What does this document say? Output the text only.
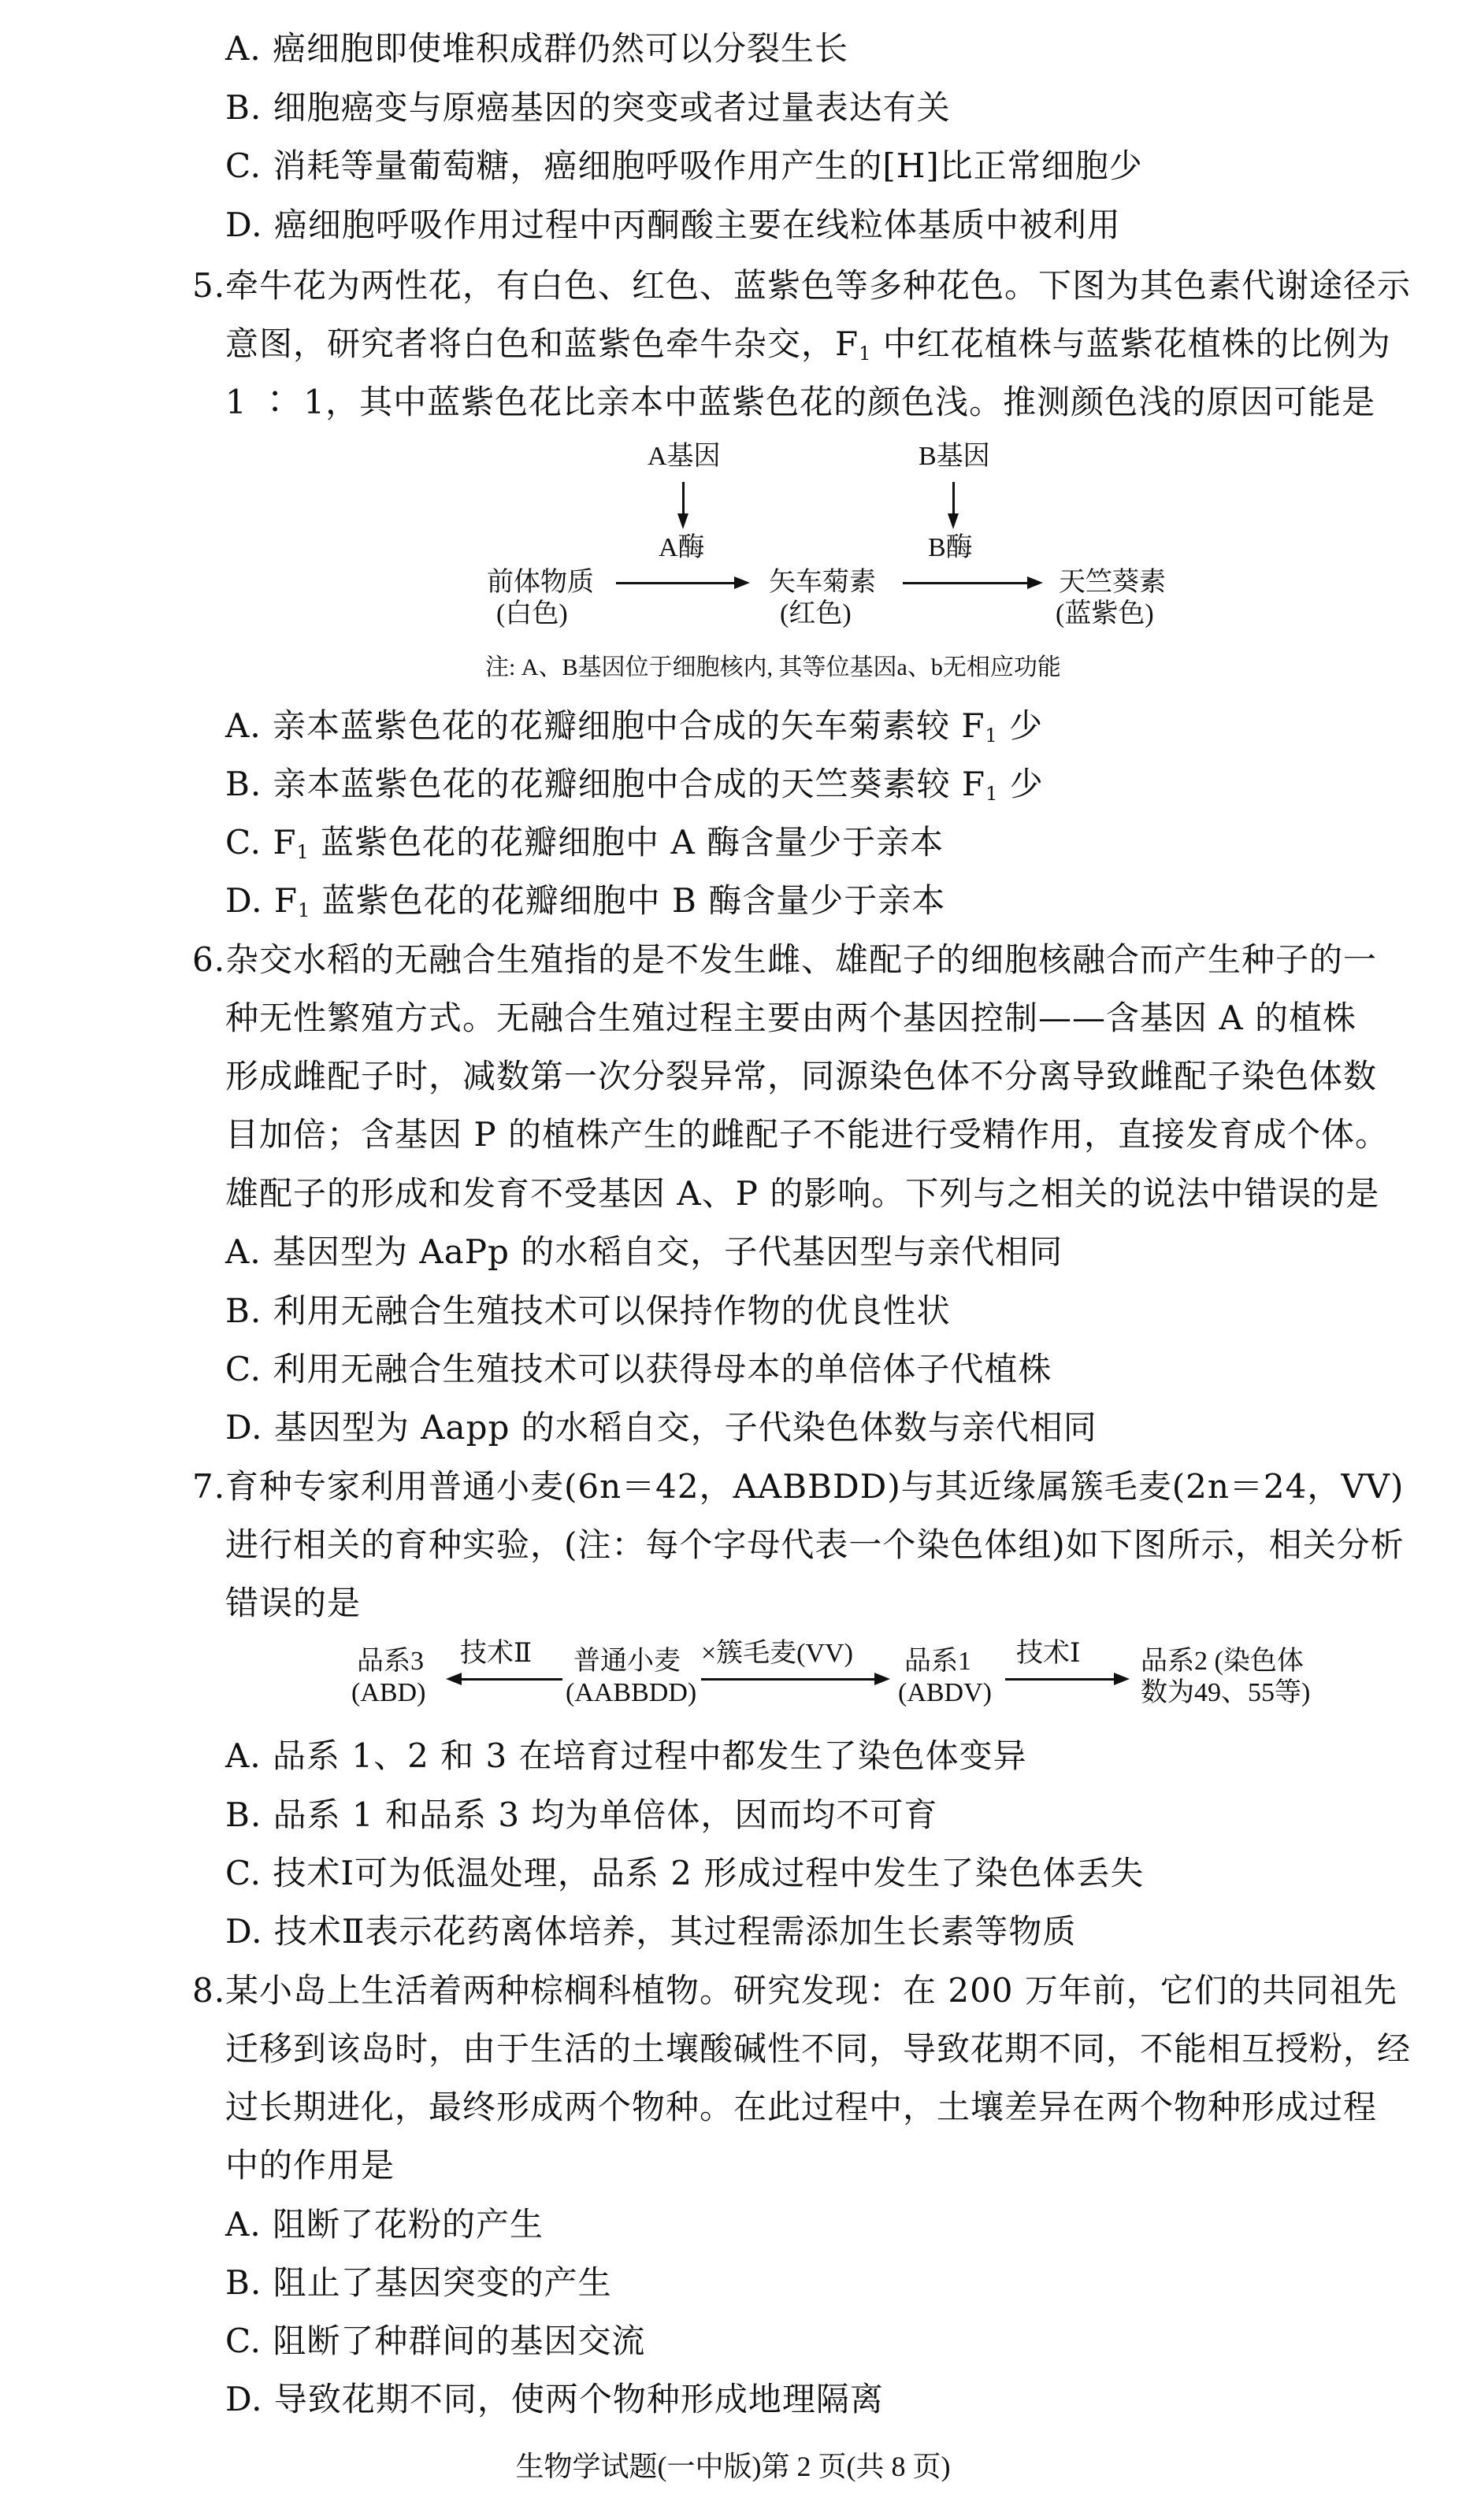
A. 癌细胞即使堆积成群仍然可以分裂生长
B. 细胞癌变与原癌基因的突变或者过量表达有关
C. 消耗等量葡萄糖，癌细胞呼吸作用产生的[H]比正常细胞少
D. 癌细胞呼吸作用过程中丙酮酸主要在线粒体基质中被利用
5. 牵牛花为两性花，有白色、红色、蓝紫色等多种花色。下图为其色素代谢途径示
意图，研究者将白色和蓝紫色牵牛杂交，$F_1$ 中红花植株与蓝紫花植株的比例为
1 ∶ 1，其中蓝紫色花比亲本中蓝紫色花的颜色浅。推测颜色浅的原因可能是
A基因
A酶
B基因
B酶
前体物质
(白色)
矢车菊素
(红色)
天竺葵素
(蓝紫色)
注: A、B基因位于细胞核内, 其等位基因a、b无相应功能
A. 亲本蓝紫色花的花瓣细胞中合成的矢车菊素较 $F_1$ 少
B. 亲本蓝紫色花的花瓣细胞中合成的天竺葵素较 $F_1$ 少
C. $F_1$ 蓝紫色花的花瓣细胞中 A 酶含量少于亲本
D. $F_1$ 蓝紫色花的花瓣细胞中 B 酶含量少于亲本
6. 杂交水稻的无融合生殖指的是不发生雌、雄配子的细胞核融合而产生种子的一
种无性繁殖方式。无融合生殖过程主要由两个基因控制——含基因 A 的植株
形成雌配子时，减数第一次分裂异常，同源染色体不分离导致雌配子染色体数
目加倍；含基因 P 的植株产生的雌配子不能进行受精作用，直接发育成个体。
雄配子的形成和发育不受基因 A、P 的影响。下列与之相关的说法中错误的是
A. 基因型为 AaPp 的水稻自交，子代基因型与亲代相同
B. 利用无融合生殖技术可以保持作物的优良性状
C. 利用无融合生殖技术可以获得母本的单倍体子代植株
D. 基因型为 Aapp 的水稻自交，子代染色体数与亲代相同
7. 育种专家利用普通小麦(6n＝42，AABBDD)与其近缘属簇毛麦(2n＝24，VV)
进行相关的育种实验，(注：每个字母代表一个染色体组)如下图所示，相关分析
错误的是
品系3
(ABD)
技术Ⅱ 普通小麦
(AABBDD)
×簇毛麦(VV) 品系1
(ABDV)
技术Ⅰ 品系2 (染色体
数为49、55等)
A. 品系 1、2 和 3 在培育过程中都发生了染色体变异
B. 品系 1 和品系 3 均为单倍体，因而均不可育
C. 技术Ⅰ可为低温处理，品系 2 形成过程中发生了染色体丢失
D. 技术Ⅱ表示花药离体培养，其过程需添加生长素等物质
8. 某小岛上生活着两种棕榈科植物。研究发现：在 200 万年前，它们的共同祖先
迁移到该岛时，由于生活的土壤酸碱性不同，导致花期不同，不能相互授粉，经
过长期进化，最终形成两个物种。在此过程中，土壤差异在两个物种形成过程
中的作用是
A. 阻断了花粉的产生
B. 阻止了基因突变的产生
C. 阻断了种群间的基因交流
D. 导致花期不同，使两个物种形成地理隔离
生物学试题(一中版)第 2 页(共 8 页)
